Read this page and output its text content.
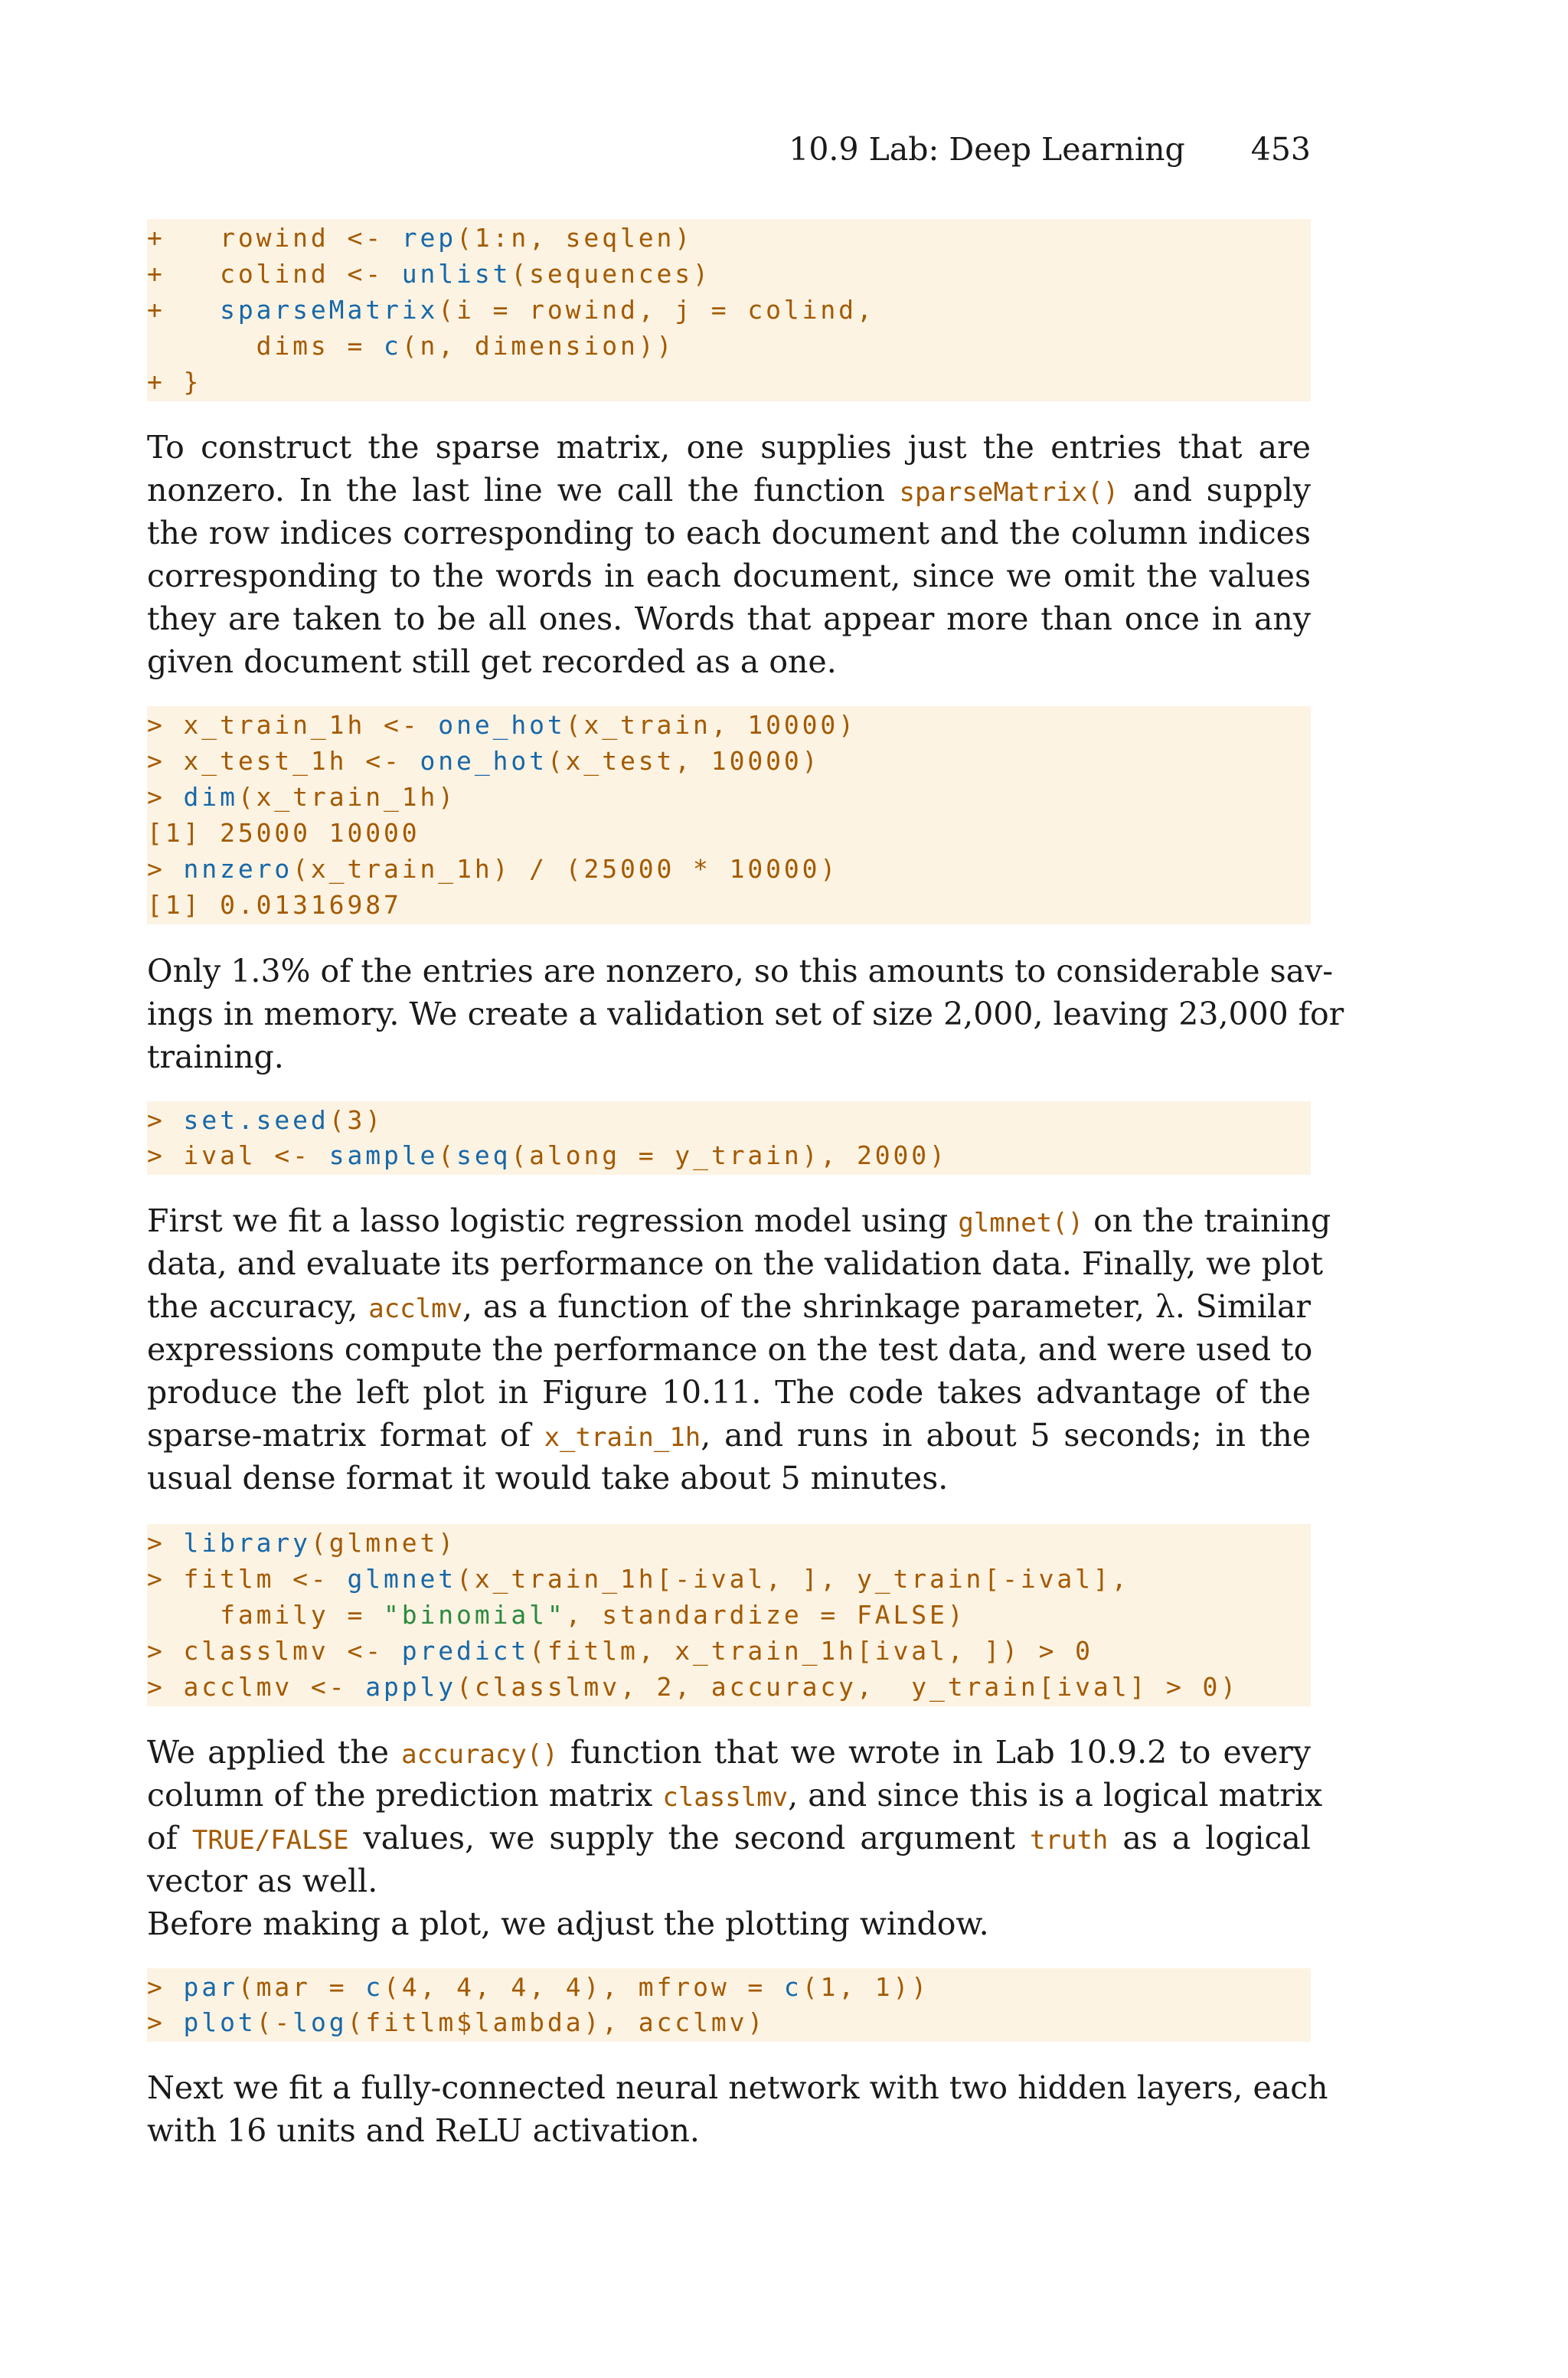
10.9 Lab: Deep Learning 453
+   rowind <- rep(1:n, seqlen)
+   colind <- unlist(sequences)
+   sparseMatrix(i = rowind, j = colind,
dims = c(n, dimension))
+ }
To construct the sparse matrix, one supplies just the entries that are
nonzero. In the last line we call the function sparseMatrix() and supply
the row indices corresponding to each document and the column indices
corresponding to the words in each document, since we omit the values
they are taken to be all ones. Words that appear more than once in any
given document still get recorded as a one.
> x_train_1h <- one_hot(x_train, 10000)
> x_test_1h <- one_hot(x_test, 10000)
> dim(x_train_1h)
[1] 25000 10000
> nnzero(x_train_1h) / (25000 * 10000)
[1] 0.01316987
Only 1.3% of the entries are nonzero, so this amounts to considerable sav-
ings in memory. We create a validation set of size 2,000, leaving 23,000 for
training.
> set.seed(3)
> ival <- sample(seq(along = y_train), 2000)
First we fit a lasso logistic regression model using glmnet() on the training
data, and evaluate its performance on the validation data. Finally, we plot
the accuracy, acclmv, as a function of the shrinkage parameter, λ. Similar
expressions compute the performance on the test data, and were used to
produce the left plot in Figure 10.11. The code takes advantage of the
sparse-matrix format of x_train_1h, and runs in about 5 seconds; in the
usual dense format it would take about 5 minutes.
> library(glmnet)
> fitlm <- glmnet(x_train_1h[-ival, ], y_train[-ival],
family = "binomial", standardize = FALSE)
> classlmv <- predict(fitlm, x_train_1h[ival, ]) > 0
> acclmv <- apply(classlmv, 2, accuracy,  y_train[ival] > 0)
We applied the accuracy() function that we wrote in Lab 10.9.2 to every
column of the prediction matrix classlmv, and since this is a logical matrix
of TRUE/FALSE values, we supply the second argument truth as a logical
vector as well.
Before making a plot, we adjust the plotting window.
> par(mar = c(4, 4, 4, 4), mfrow = c(1, 1))
> plot(-log(fitlm$lambda), acclmv)
Next we fit a fully-connected neural network with two hidden layers, each
with 16 units and ReLU activation.
